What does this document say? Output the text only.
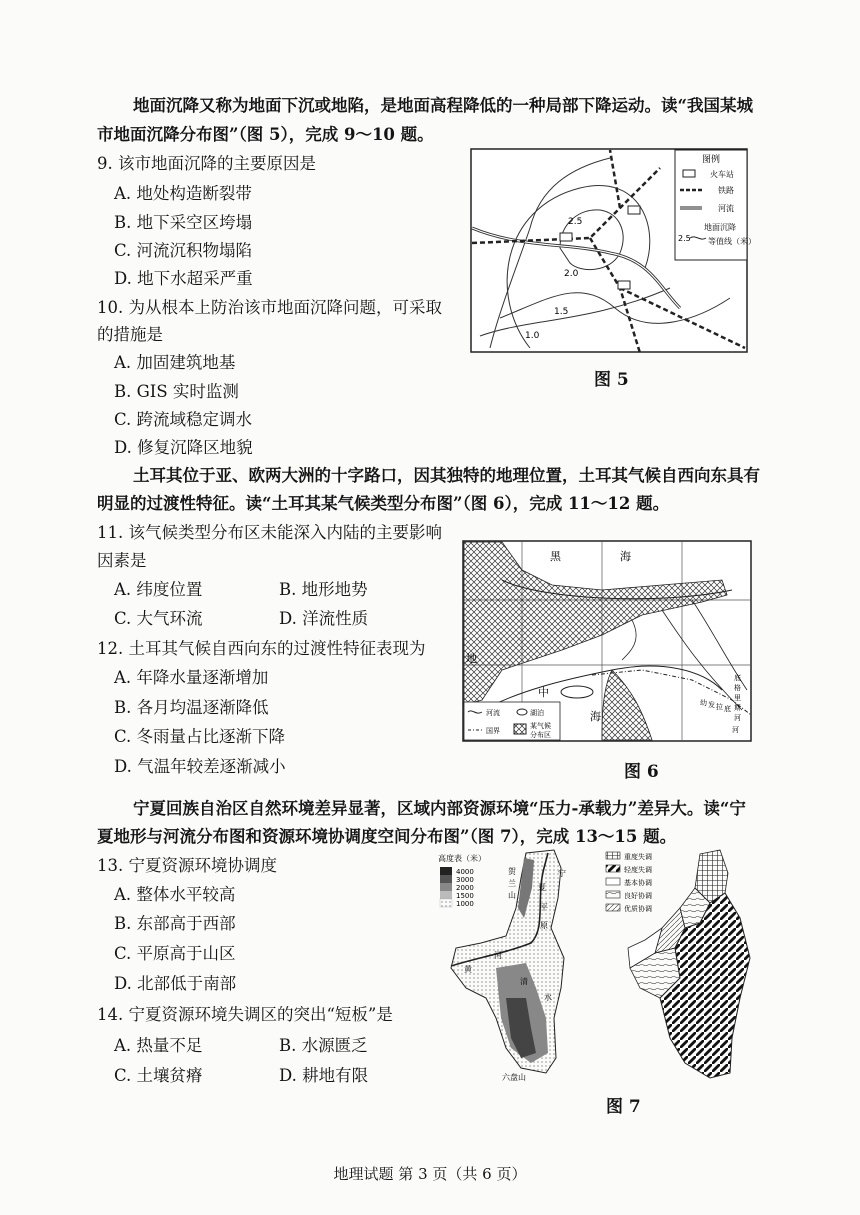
地面沉降又称为地面下沉或地陷，是地面高程降低的一种局部下降运动。读“我国某城
市地面沉降分布图”（图 5），完成 9～10 题。
9. 该市地面沉降的主要原因是
A. 地处构造断裂带
B. 地下采空区垮塌
C. 河流沉积物塌陷
D. 地下水超采严重
10. 为从根本上防治该市地面沉降问题，可采取
的措施是
A. 加固建筑地基
B. GIS 实时监测
C. 跨流域稳定调水
D. 修复沉降区地貌
2.5
2.0
1.5
1.0
图例
火车站
铁路
河流
地面沉降
2.5 等值线（米）
图 5
土耳其位于亚、欧两大洲的十字路口，因其独特的地理位置，土耳其气候自西向东具有
明显的过渡性特征。读“土耳其某气候类型分布图”（图 6），完成 11～12 题。
11. 该气候类型分布区未能深入内陆的主要影响
因素是
A. 纬度位置	B. 地形地势
C. 大气环流	D. 洋流性质
12. 土耳其气候自西向东的过渡性特征表现为
A. 年降水量逐渐增加
B. 各月均温逐渐降低
C. 冬雨量占比逐渐下降
D. 气温年较差逐渐减小
黑	海
地
中
海
底
格
里
斯
河
幼 发 拉 底
河
河流	湖泊
国界
某气候
分布区
图 6
宁夏回族自治区自然环境差异显著，区域内部资源环境“压力-承载力”差异大。读“宁
夏地形与河流分布图和资源环境协调度空间分布图”（图 7），完成 13～15 题。
13. 宁夏资源环境协调度
A. 整体水平较高
B. 东部高于西部
C. 平原高于山区
D. 北部低于南部
14. 宁夏资源环境失调区的突出“短板”是
A. 热量不足	B. 水源匮乏
C. 土壤贫瘠	D. 耕地有限
高度表（米）
4000
3000
2000
1500
1000
贺
兰
山
宁
夏
平
原
河
黄
清
水
六盘山
重度失调
轻度失调
基本协调
良好协调
优质协调
图 7
地理试题 第 3 页（共 6 页）
